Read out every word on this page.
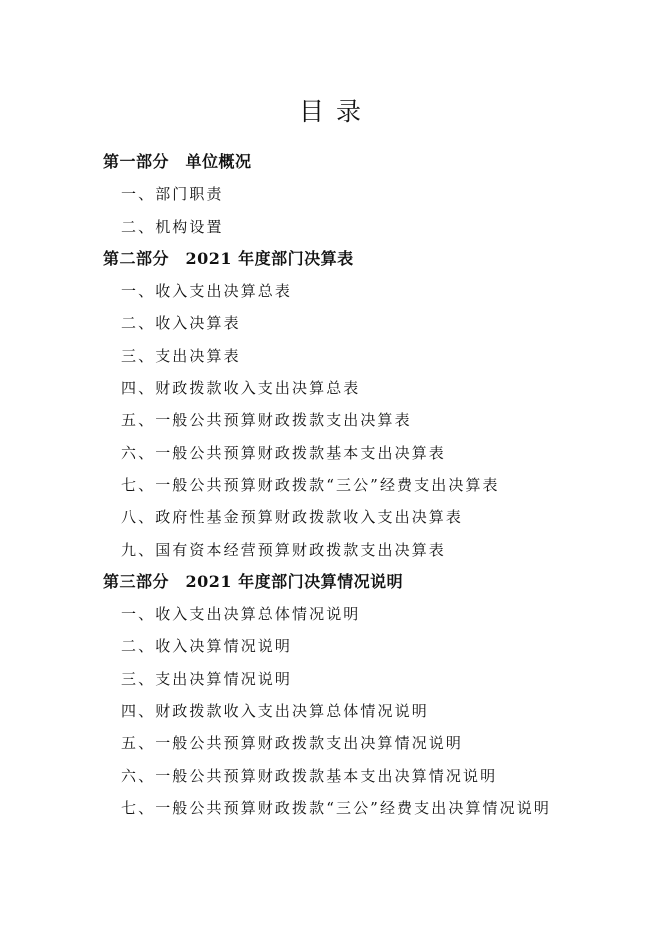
目 录
第一部分　单位概况
一、部门职责
二、机构设置
第二部分　2021 年度部门决算表
一、收入支出决算总表
二、收入决算表
三、支出决算表
四、财政拨款收入支出决算总表
五、一般公共预算财政拨款支出决算表
六、一般公共预算财政拨款基本支出决算表
七、一般公共预算财政拨款“三公”经费支出决算表
八、政府性基金预算财政拨款收入支出决算表
九、国有资本经营预算财政拨款支出决算表
第三部分　2021 年度部门决算情况说明
一、收入支出决算总体情况说明
二、收入决算情况说明
三、支出决算情况说明
四、财政拨款收入支出决算总体情况说明
五、一般公共预算财政拨款支出决算情况说明
六、一般公共预算财政拨款基本支出决算情况说明
七、一般公共预算财政拨款“三公”经费支出决算情况说明
